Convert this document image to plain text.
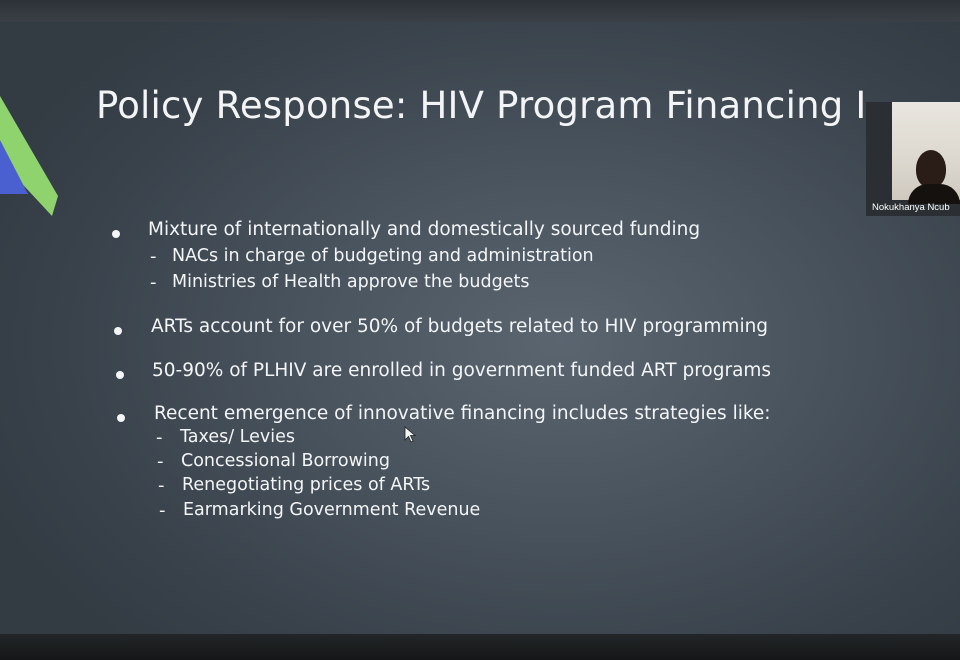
Policy Response: HIV Program Financing I
Mixture of internationally and domestically sourced funding
- NACs in charge of budgeting and administration
- Ministries of Health approve the budgets
ARTs account for over 50% of budgets related to HIV programming
50-90% of PLHIV are enrolled in government funded ART programs
Recent emergence of innovative financing includes strategies like:
- Taxes/ Levies
- Concessional Borrowing
- Renegotiating prices of ARTs
- Earmarking Government Revenue
Nokukhanya Ncub
